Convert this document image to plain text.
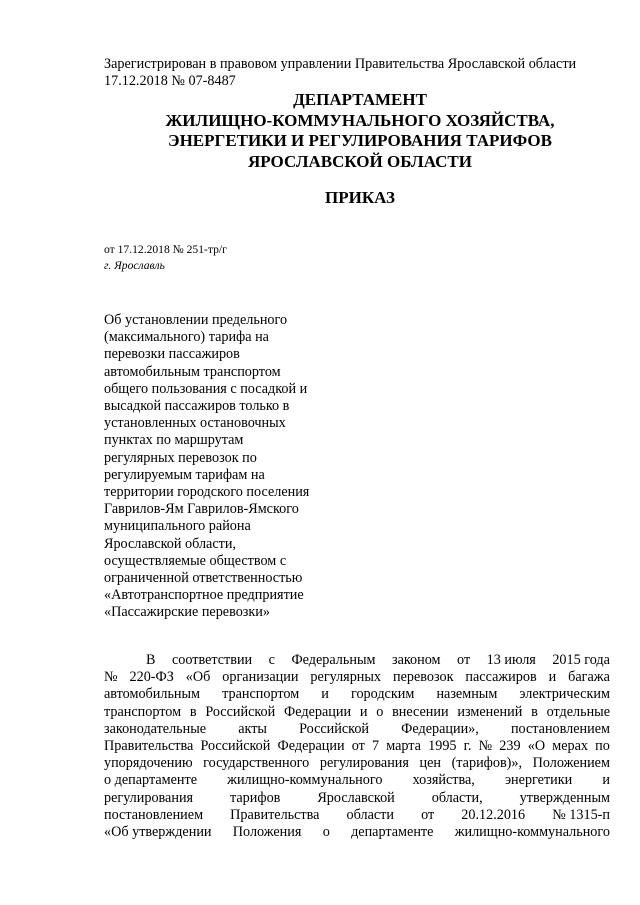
Зарегистрирован в правовом управлении Правительства Ярославской области
17.12.2018 № 07-8487
ДЕПАРТАМЕНТ
ЖИЛИЩНО-КОММУНАЛЬНОГО ХОЗЯЙСТВА,
ЭНЕРГЕТИКИ И РЕГУЛИРОВАНИЯ ТАРИФОВ
ЯРОСЛАВСКОЙ ОБЛАСТИ
ПРИКАЗ
от 17.12.2018 № 251-тр/г
г. Ярославль
Об установлении предельного
(максимального) тарифа на
перевозки пассажиров
автомобильным транспортом
общего пользования с посадкой и
высадкой пассажиров только в
установленных остановочных
пунктах по маршрутам
регулярных перевозок по
регулируемым тарифам на
территории городского поселения
Гаврилов-Ям Гаврилов-Ямского
муниципального района
Ярославской области,
осуществляемые обществом с
ограниченной ответственностью
«Автотранспортное предприятие
«Пассажирские перевозки»
В соответствии с Федеральным законом от 13 июля 2015 года
№ 220-ФЗ «Об организации регулярных перевозок пассажиров и багажа
автомобильным транспортом и городским наземным электрическим
транспортом в Российской Федерации и о внесении изменений в отдельные
законодательные акты Российской Федерации», постановлением
Правительства Российской Федерации от 7 марта 1995 г. № 239 «О мерах по
упорядочению государственного регулирования цен (тарифов)», Положением
о департаменте жилищно-коммунального хозяйства, энергетики и
регулирования	тарифов	Ярославской	области,	утвержденным
постановлением Правительства области от 20.12.2016 № 1315-п
«Об утверждении Положения о департаменте жилищно-коммунального
